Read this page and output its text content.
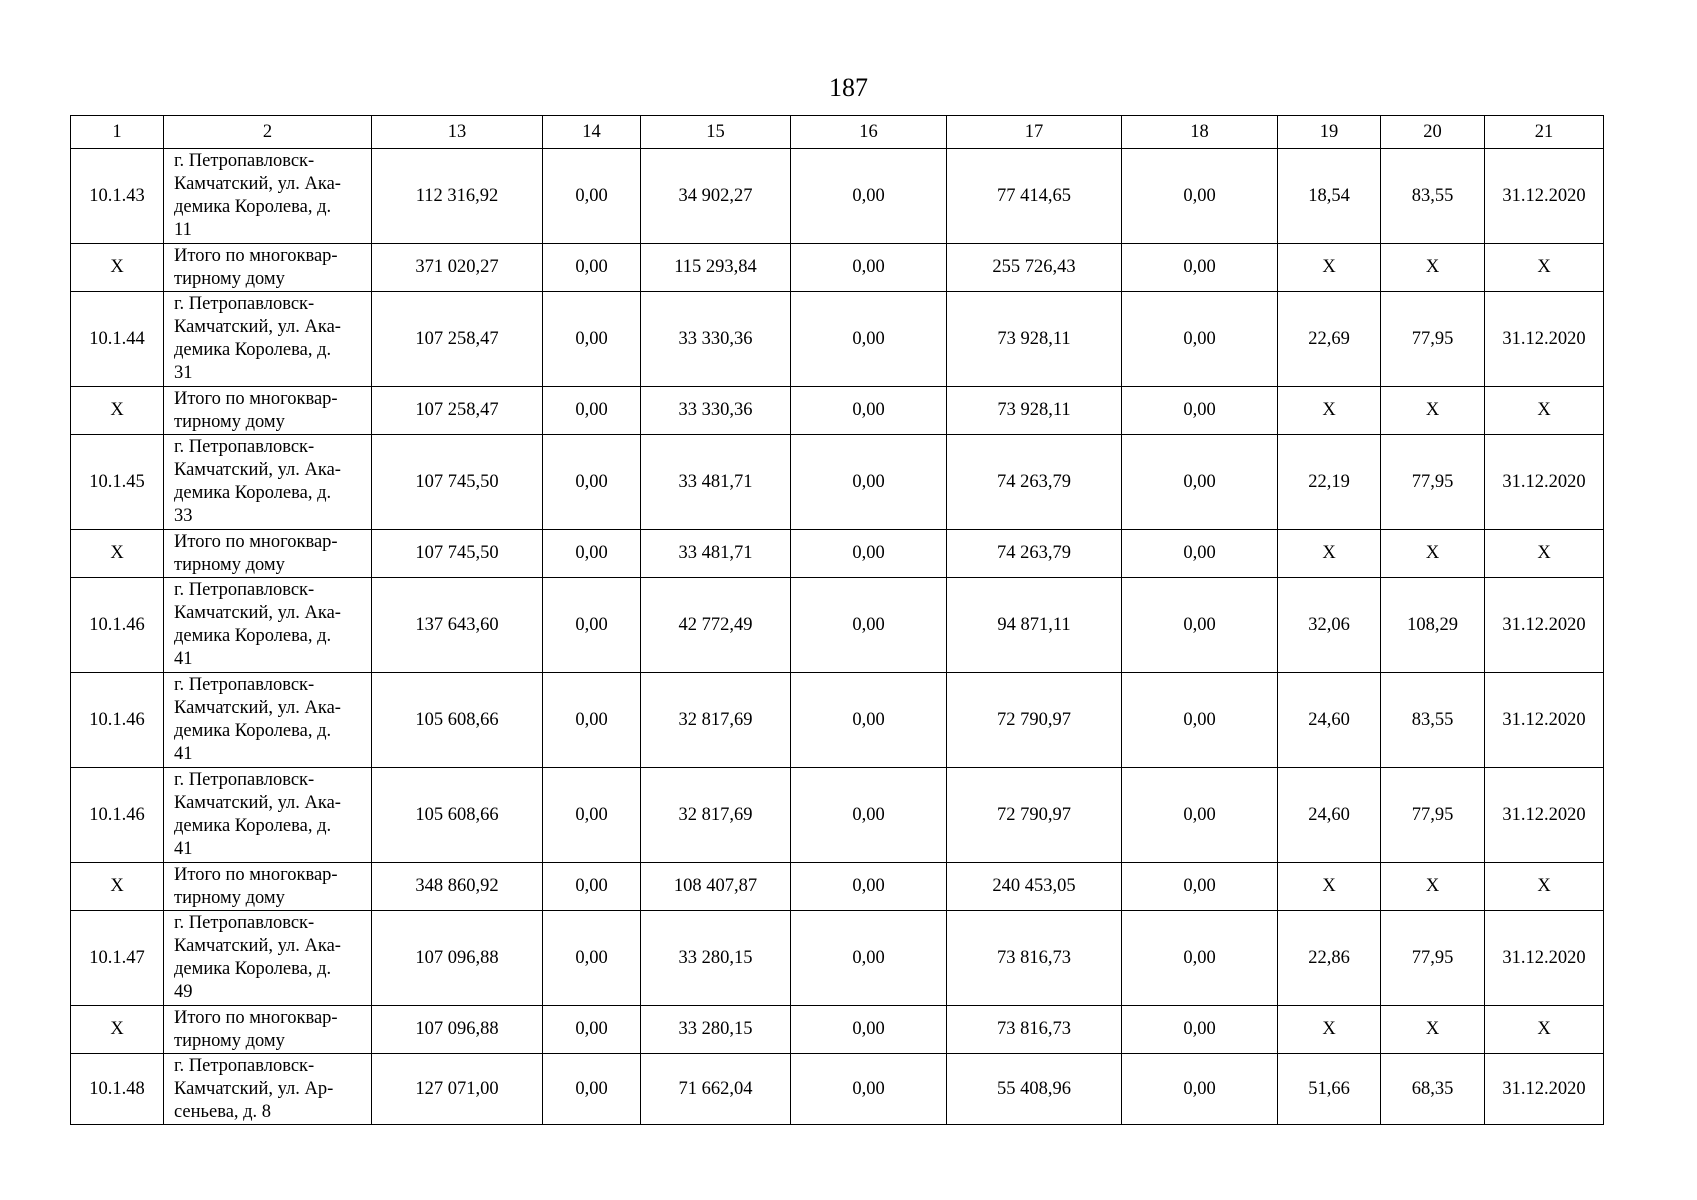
187
1	2	13	14	15	16	17	18	19	20	21
10.1.43	г. Петропавловск-
Камчатский, ул. Ака-
демика Королева, д.
11	112 316,92	0,00	34 902,27	0,00	77 414,65	0,00	18,54	83,55	31.12.2020
Х	Итого по многоквар-
тирному дому	371 020,27	0,00	115 293,84	0,00	255 726,43	0,00	Х	Х	Х
10.1.44	г. Петропавловск-
Камчатский, ул. Ака-
демика Королева, д.
31	107 258,47	0,00	33 330,36	0,00	73 928,11	0,00	22,69	77,95	31.12.2020
Х	Итого по многоквар-
тирному дому	107 258,47	0,00	33 330,36	0,00	73 928,11	0,00	Х	Х	Х
10.1.45	г. Петропавловск-
Камчатский, ул. Ака-
демика Королева, д.
33	107 745,50	0,00	33 481,71	0,00	74 263,79	0,00	22,19	77,95	31.12.2020
Х	Итого по многоквар-
тирному дому	107 745,50	0,00	33 481,71	0,00	74 263,79	0,00	Х	Х	Х
10.1.46	г. Петропавловск-
Камчатский, ул. Ака-
демика Королева, д.
41	137 643,60	0,00	42 772,49	0,00	94 871,11	0,00	32,06	108,29	31.12.2020
10.1.46	г. Петропавловск-
Камчатский, ул. Ака-
демика Королева, д.
41	105 608,66	0,00	32 817,69	0,00	72 790,97	0,00	24,60	83,55	31.12.2020
10.1.46	г. Петропавловск-
Камчатский, ул. Ака-
демика Королева, д.
41	105 608,66	0,00	32 817,69	0,00	72 790,97	0,00	24,60	77,95	31.12.2020
Х	Итого по многоквар-
тирному дому	348 860,92	0,00	108 407,87	0,00	240 453,05	0,00	Х	Х	Х
10.1.47	г. Петропавловск-
Камчатский, ул. Ака-
демика Королева, д.
49	107 096,88	0,00	33 280,15	0,00	73 816,73	0,00	22,86	77,95	31.12.2020
Х	Итого по многоквар-
тирному дому	107 096,88	0,00	33 280,15	0,00	73 816,73	0,00	Х	Х	Х
10.1.48	г. Петропавловск-
Камчатский, ул. Ар-
сеньева, д. 8	127 071,00	0,00	71 662,04	0,00	55 408,96	0,00	51,66	68,35	31.12.2020
